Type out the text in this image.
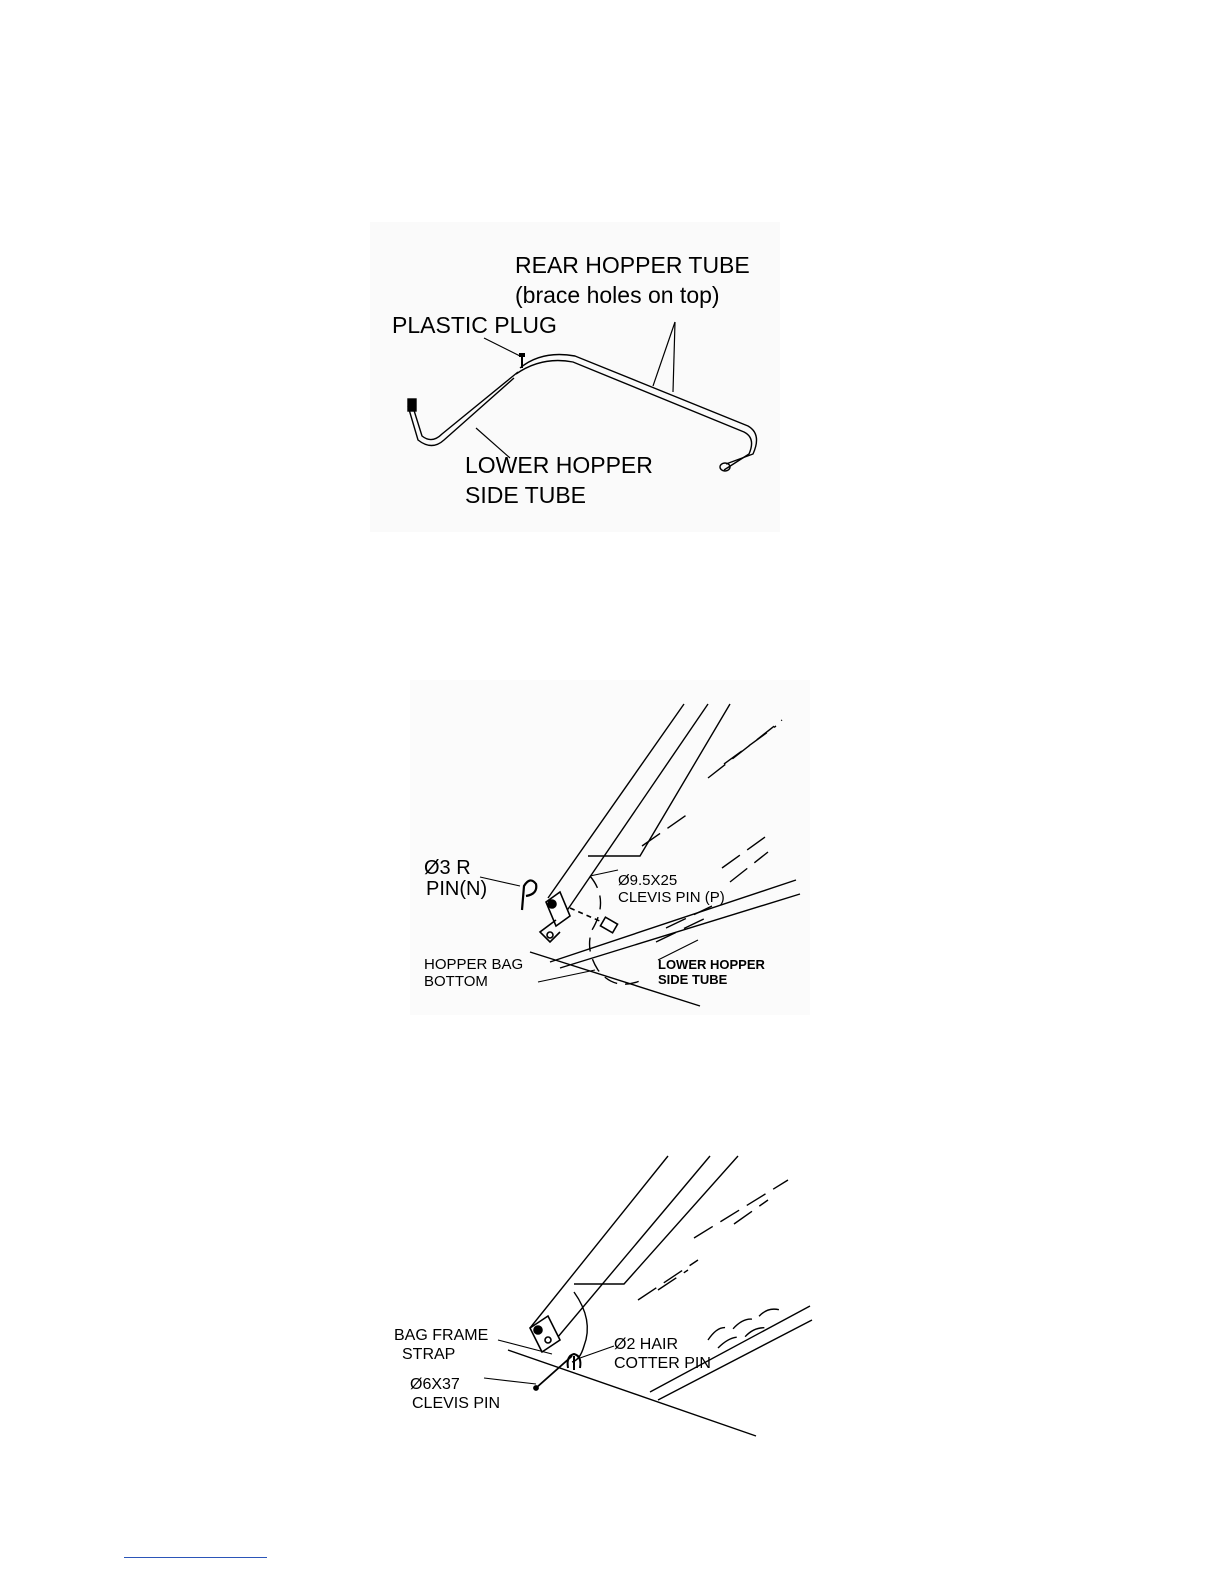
REAR HOPPER TUBE
(brace holes on top)
PLASTIC PLUG
LOWER HOPPER
SIDE TUBE
Ø3 R
PIN(N)	Ø9.5X25
CLEVIS PIN (P)
HOPPER BAG
BOTTOM
LOWER HOPPER
SIDE TUBE
BAG FRAME
STRAP
Ø2 HAIR
COTTER PIN
Ø6X37
CLEVIS PIN
